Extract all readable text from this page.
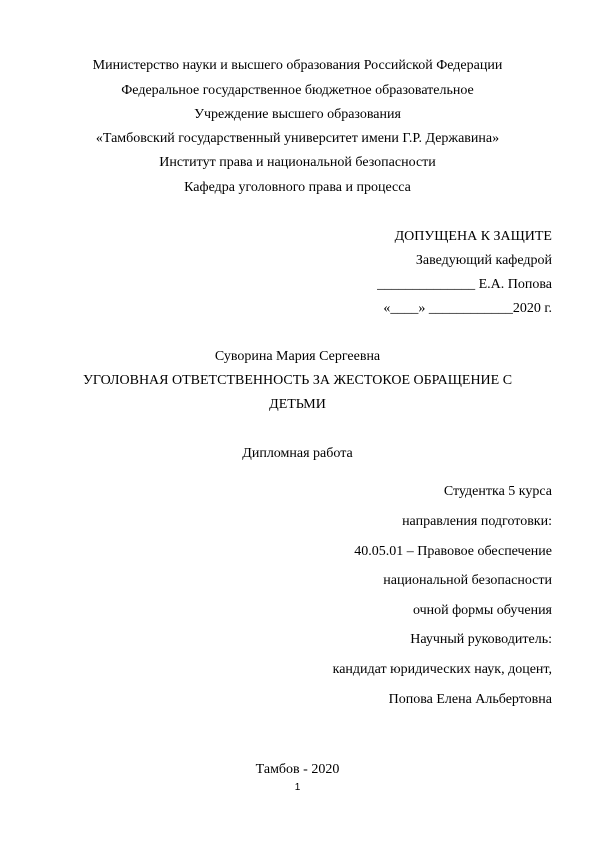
Министерство науки и высшего образования Российской Федерации
Федеральное государственное бюджетное образовательное
Учреждение высшего образования
«Тамбовский государственный университет имени Г.Р. Державина»
Институт права и национальной безопасности
Кафедра уголовного права и процесса
ДОПУЩЕНА К ЗАЩИТЕ
Заведующий кафедрой
______________ Е.А. Попова
«____» ____________2020 г.
Суворина Мария Сергеевна
УГОЛОВНАЯ ОТВЕТСТВЕННОСТЬ ЗА ЖЕСТОКОЕ ОБРАЩЕНИЕ С
ДЕТЬМИ
Дипломная работа
Студентка 5 курса
направления подготовки:
40.05.01 – Правовое обеспечение
национальной безопасности
очной формы обучения
Научный руководитель:
кандидат юридических наук, доцент,
Попова Елена Альбертовна
Тамбов - 2020
1
